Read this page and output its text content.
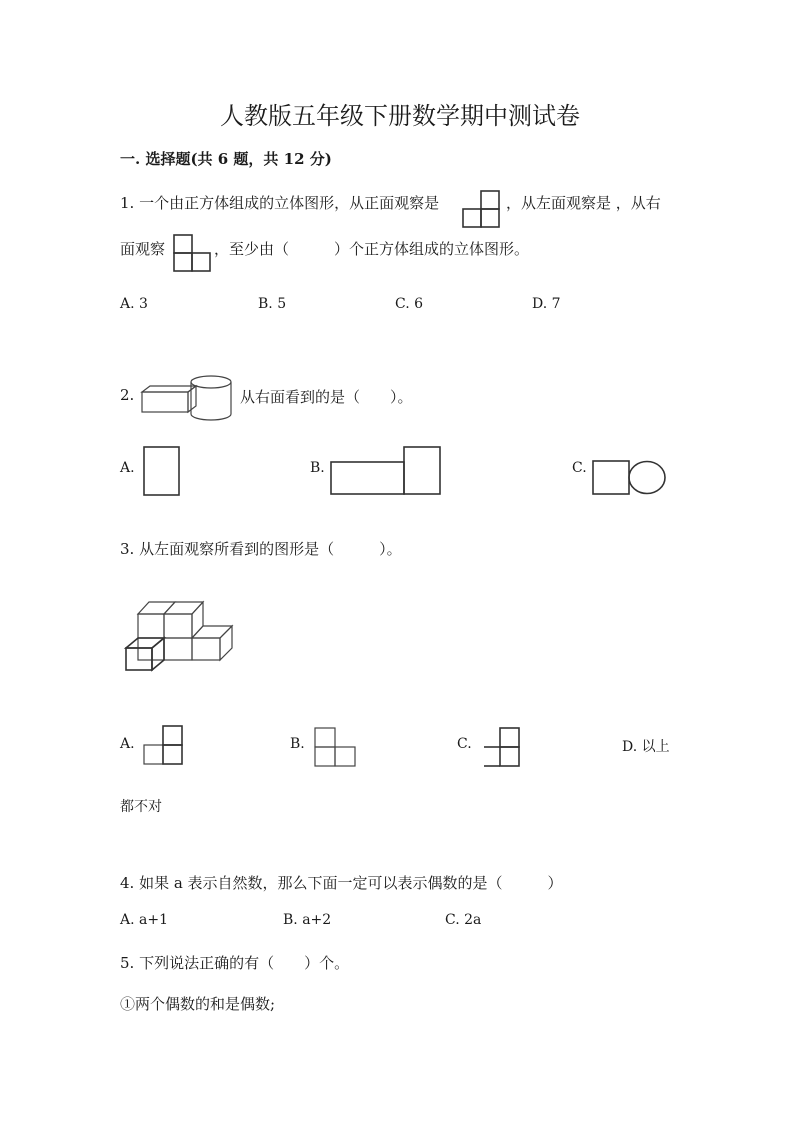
人教版五年级下册数学期中测试卷
一. 选择题(共 6 题，共 12 分)
1. 一个由正方体组成的立体图形，从正面观察是	，从左面观察是 ，从右
面观察	，至少由（　　　）个正方体组成的立体图形。
A. 3	B. 5	C. 6	D. 7
2.	从右面看到的是（　　）。
A.	B.	C.
3. 从左面观察所看到的图形是（　　　）。
A.	B.	C.	D. 以上
都不对
4. 如果 a 表示自然数，那么下面一定可以表示偶数的是（　　　）
A. a+1	B. a+2	C. 2a
5. 下列说法正确的有（　　）个。
①两个偶数的和是偶数;
